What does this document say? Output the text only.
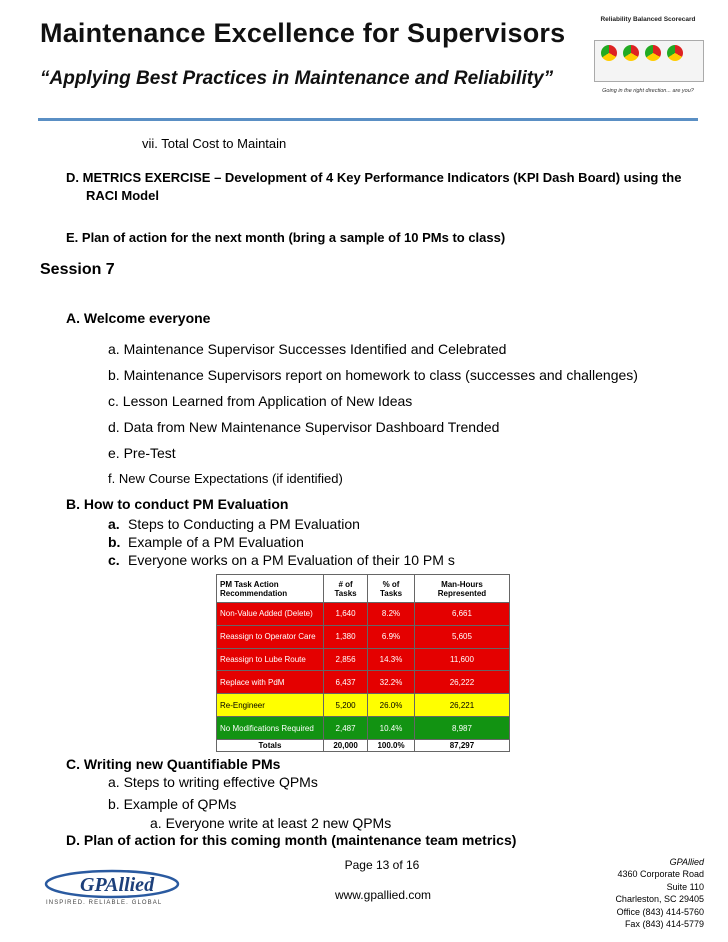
Maintenance Excellence for Supervisors
“Applying Best Practices in Maintenance and Reliability”
Reliability Balanced Scorecard
Going in the right direction... are you?
vii. Total Cost to Maintain
D. METRICS EXERCISE – Development of 4 Key Performance Indicators (KPI Dash Board) using the
RACI Model
E. Plan of action for the next month (bring a sample of 10 PMs to class)
Session 7
A. Welcome everyone
a. Maintenance Supervisor Successes Identified and Celebrated
b. Maintenance Supervisors report on homework to class (successes and challenges)
c. Lesson Learned from Application of New Ideas
d. Data from New Maintenance Supervisor Dashboard Trended
e. Pre-Test
f. New Course Expectations (if identified)
B. How to conduct PM Evaluation
a. Steps to Conducting a PM Evaluation
b. Example of a PM Evaluation
c. Everyone works on a PM Evaluation of their 10 PM s
PM Task Action Recommendation	# of Tasks	% of Tasks	Man-Hours Represented
Non-Value Added (Delete)	1,640	8.2%	6,661
Reassign to Operator Care	1,380	6.9%	5,605
Reassign to Lube Route	2,856	14.3%	11,600
Replace with PdM	6,437	32.2%	26,222
Re-Engineer	5,200	26.0%	26,221
No Modifications Required	2,487	10.4%	8,987
Totals	20,000	100.0%	87,297
C. Writing new Quantifiable PMs
a. Steps to writing effective QPMs
b. Example of QPMs
a. Everyone write at least 2 new QPMs
D. Plan of action for this coming month (maintenance team metrics)
Page 13 of 16
www.gpallied.com
GPAllied
INSPIRED. RELIABLE. GLOBAL
GPAllied
4360 Corporate Road
Suite 110
Charleston, SC 29405
Office (843) 414-5760
Fax (843) 414-5779
